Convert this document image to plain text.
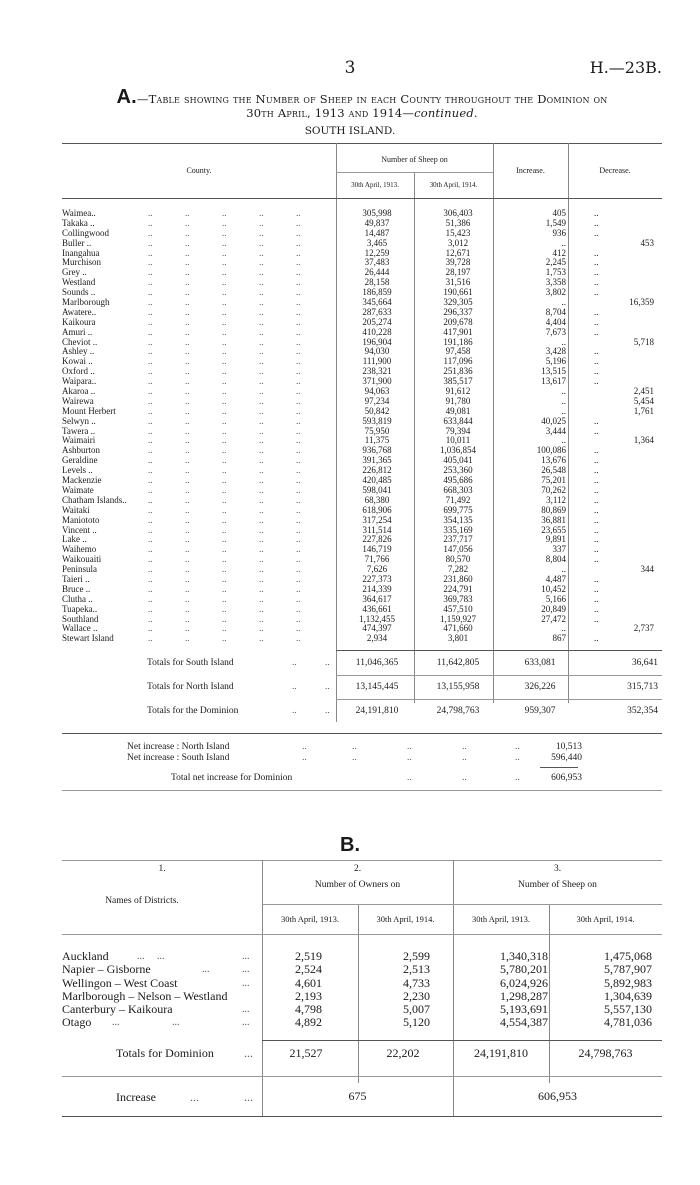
3	H.—23B.
A.—Table showing the Number of Sheep in each County throughout the Dominion on
30th April, 1913 and 1914—continued.
SOUTH ISLAND.
County.
Number of Sheep on
30th April, 1913.	30th April, 1914.
Increase.	Decrease.
Waimea..	..	..	..	..	..	305,998	306,403	405	..
Takaka ..	..	..	..	..	..	49,837	51,386	1,549	..
Collingwood	..	..	..	..	..	14,487	15,423	936	..
Buller ..	..	..	..	..	..	3,465	3,012	..	453
Inangahua	..	..	..	..	..	12,259	12,671	412	..
Murchison	..	..	..	..	..	37,483	39,728	2,245	..
Grey ..	..	..	..	..	..	26,444	28,197	1,753	..
Westland	..	..	..	..	..	28,158	31,516	3,358	..
Sounds ..	..	..	..	..	..	186,859	190,661	3,802	..
Marlborough	..	..	..	..	..	345,664	329,305	..	16,359
Awatere..	..	..	..	..	..	287,633	296,337	8,704	..
Kaikoura	..	..	..	..	..	205,274	209,678	4,404	..
Amuri ..	..	..	..	..	..	410,228	417,901	7,673	..
Cheviot ..	..	..	..	..	..	196,904	191,186	..	5,718
Ashley ..	..	..	..	..	..	94,030	97,458	3,428	..
Kowai ..	..	..	..	..	..	111,900	117,096	5,196	..
Oxford ..	..	..	..	..	..	238,321	251,836	13,515	..
Waipara..	..	..	..	..	..	371,900	385,517	13,617	..
Akaroa ..	..	..	..	..	..	94,063	91,612	..	2,451
Wairewa	..	..	..	..	..	97,234	91,780	..	5,454
Mount Herbert	..	..	..	..	..	50,842	49,081	..	1,761
Selwyn ..	..	..	..	..	..	593,819	633,844	40,025	..
Tawera ..	..	..	..	..	..	75,950	79,394	3,444	..
Waimairi	..	..	..	..	..	11,375	10,011	..	1,364
Ashburton	..	..	..	..	..	936,768	1,036,854	100,086	..
Geraldine	..	..	..	..	..	391,365	405,041	13,676	..
Levels ..	..	..	..	..	..	226,812	253,360	26,548	..
Mackenzie	..	..	..	..	..	420,485	495,686	75,201	..
Waimate	..	..	..	..	..	598,041	668,303	70,262	..
Chatham Islands..	..	..	..	..	..	68,380	71,492	3,112	..
Waitaki	..	..	..	..	..	618,906	699,775	80,869	..
Maniototo	..	..	..	..	..	317,254	354,135	36,881	..
Vincent ..	..	..	..	..	..	311,514	335,169	23,655	..
Lake ..	..	..	..	..	..	227,826	237,717	9,891	..
Waihemo	..	..	..	..	..	146,719	147,056	337	..
Waikouaiti	..	..	..	..	..	71,766	80,570	8,804	..
Peninsula	..	..	..	..	..	7,626	7,282	..	344
Taieri ..	..	..	..	..	..	227,373	231,860	4,487	..
Bruce ..	..	..	..	..	..	214,339	224,791	10,452	..
Clutha ..	..	..	..	..	..	364,617	369,783	5,166	..
Tuapeka..	..	..	..	..	..	436,661	457,510	20,849	..
Southland	..	..	..	..	..	1,132,455	1,159,927	27,472	..
Wallace ..	..	..	..	..	..	474,397	471,660	..	2,737
Stewart Island	..	..	..	..	..	2,934	3,801	867	..
Totals for South Island	..	..	11,046,365	11,642,805	633,081	36,641
Totals for North Island	..	..	13,145,445	13,155,958	326,226	315,713
Totals for the Dominion	..	..	24,191,810	24,798,763	959,307	352,354
Net increase : North Island	..	..	..	..	..	10,513
Net increase : South Island	..	..	..	..	..	596,440
Total net increase for Dominion	..	..	..	606,953
B.
1.
Names of Districts.
2.
Number of Owners on
3.
Number of Sheep on
30th April, 1913.	30th April, 1914.	30th April, 1913.	30th April, 1914.
Auckland	... ...	...	2,519	2,599	1,340,318	1,475,068
Napier – Gisborne	...	...	2,524	2,513	5,780,201	5,787,907
Wellingon – West Coast	...	4,601	4,733	6,024,926	5,892,983
Marlborough – Nelson – Westland	2,193	2,230	1,298,287	1,304,639
Canterbury – Kaikoura	...	4,798	5,007	5,193,691	5,557,130
Otago ...	...	...	4,892	5,120	4,554,387	4,781,036
Totals for Dominion	...	21,527	22,202	24,191,810	24,798,763
Increase	...	...	675	606,953
